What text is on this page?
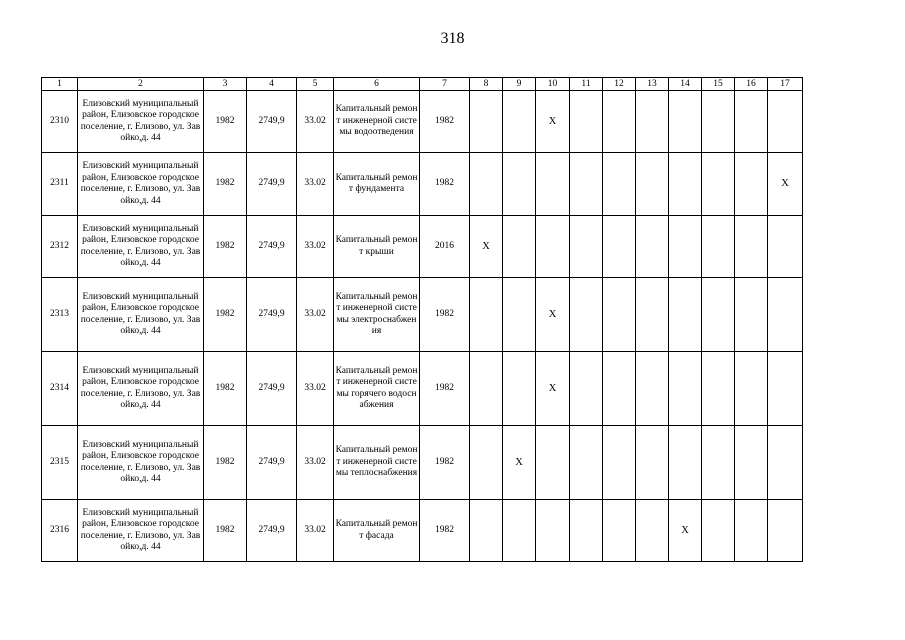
318
1	2	3	4	5	6	7	8	9	10	11	12	13	14	15	16	17
2310	Елизовский муниципальный район, Елизовское городское поселение, г. Елизово, ул. Завойко,д. 44	1982	2749,9	33.02	Капитальный ремонт инженерной системы водоотведения	1982			Х							
2311	Елизовский муниципальный район, Елизовское городское поселение, г. Елизово, ул. Завойко,д. 44	1982	2749,9	33.02	Капитальный ремонт фундамента	1982										Х
2312	Елизовский муниципальный район, Елизовское городское поселение, г. Елизово, ул. Завойко,д. 44	1982	2749,9	33.02	Капитальный ремонт крыши	2016	Х									
2313	Елизовский муниципальный район, Елизовское городское поселение, г. Елизово, ул. Завойко,д. 44	1982	2749,9	33.02	Капитальный ремонт инженерной системы электроснабжения	1982			Х							
2314	Елизовский муниципальный район, Елизовское городское поселение, г. Елизово, ул. Завойко,д. 44	1982	2749,9	33.02	Капитальный ремонт инженерной системы горячего водоснабжения	1982			Х							
2315	Елизовский муниципальный район, Елизовское городское поселение, г. Елизово, ул. Завойко,д. 44	1982	2749,9	33.02	Капитальный ремонт инженерной системы теплоснабжения	1982		Х								
2316	Елизовский муниципальный район, Елизовское городское поселение, г. Елизово, ул. Завойко,д. 44	1982	2749,9	33.02	Капитальный ремонт фасада	1982							Х			
